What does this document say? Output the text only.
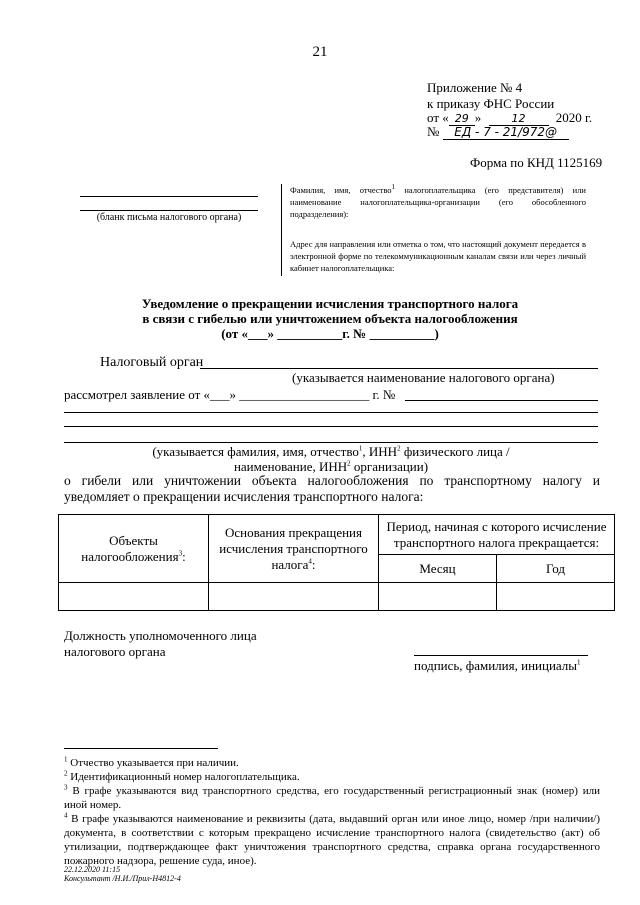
21
Приложение № 4
к приказу ФНС России
от « 29 »	12 2020 г.
№ ЕД - 7 - 21/972@
Форма по КНД 1125169
(бланк письма налогового органа)
Фамилия, имя, отчество$^1$ налогоплательщика (его представителя) или наименование налогоплательщика-организации (его обособленного подразделения):
Адрес для направления или отметка о том, что настоящий документ передается в электронной форме по телекоммуникационным каналам связи или через личный кабинет налогоплательщика:
Уведомление о прекращении исчисления транспортного налога
в связи с гибелью или уничтожением объекта налогообложения
(от «___» __________г. № __________)
Налоговый орган
(указывается наименование налогового органа)
рассмотрел заявление от «___» ____________________ г. №
(указывается фамилия, имя, отчество$^1$, ИНН$^2$ физического лица /
наименование, ИНН$^2$ организации)
о гибели или уничтожении объекта налогообложения по транспортному налогу и уведомляет о прекращении исчисления транспортного налога:
Объекты налогообложения$^3$:	Основания прекращения исчисления транспортного налога$^4$:	Период, начиная с которого исчисление транспортного налога прекращается:	
		Месяц	Год

Должность уполномоченного лица
налогового органа
подпись, фамилия, инициалы$^1$
$^1$ Отчество указывается при наличии.
$^2$ Идентификационный номер налогоплательщика.
$^3$ В графе указываются вид транспортного средства, его государственный регистрационный знак (номер) или иной номер.
$^4$ В графе указываются наименование и реквизиты (дата, выдавший орган или иное лицо, номер /при наличии/) документа, в соответствии с которым прекращено исчисление транспортного налога (свидетельство (акт) об утилизации, подтверждающее факт уничтожения транспортного средства, справка органа государственного пожарного надзора, решение суда, иное).
22.12.2020 11:15
Консультант /Н.И./Прил-Н4812-4
